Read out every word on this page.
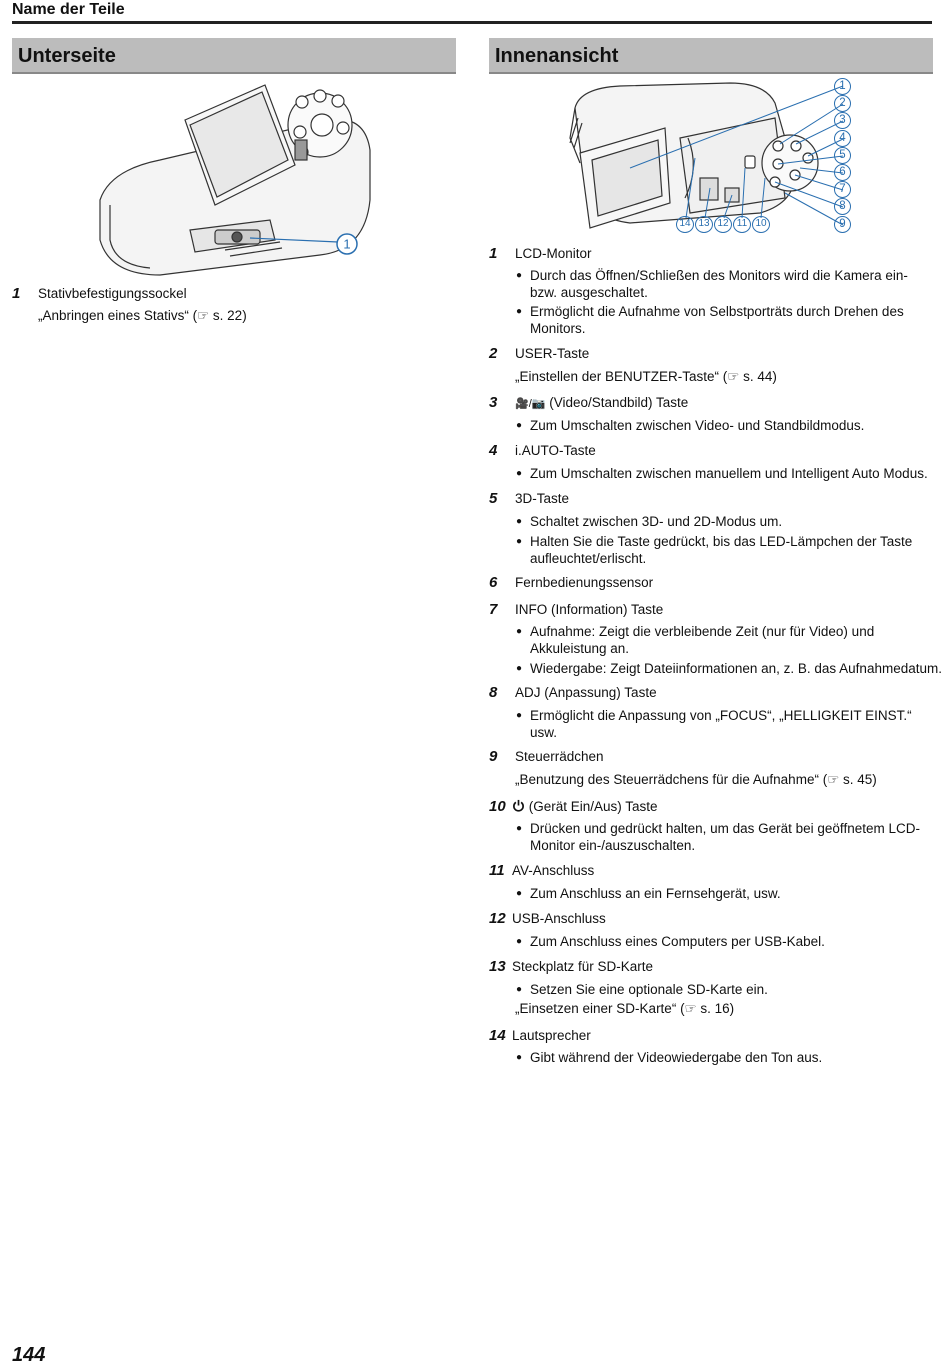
Name der Teile
Unterseite
1
1 Stativbefestigungssockel
„Anbringen eines Stativs“ (☞ s. 22)
Innenansicht
1
2
3
4
5
6
7
8
9
14 13 12 11 10
1 LCD-Monitor
● Durch das Öffnen/Schließen des Monitors wird die Kamera ein- bzw. ausgeschaltet.
● Ermöglicht die Aufnahme von Selbstporträts durch Drehen des Monitors.
2 USER-Taste
„Einstellen der BENUTZER-Taste“ (☞ s. 44)
3 🎥/📷 (Video/Standbild) Taste
● Zum Umschalten zwischen Video- und Standbildmodus.
4 i.AUTO-Taste
● Zum Umschalten zwischen manuellem und Intelligent Auto Modus.
5 3D-Taste
● Schaltet zwischen 3D- und 2D-Modus um.
● Halten Sie die Taste gedrückt, bis das LED-Lämpchen der Taste aufleuchtet/erlischt.
6 Fernbedienungssensor
7 INFO (Information) Taste
● Aufnahme: Zeigt die verbleibende Zeit (nur für Video) und Akkuleistung an.
● Wiedergabe: Zeigt Dateiinformationen an, z. B. das Aufnahmedatum.
8 ADJ (Anpassung) Taste
● Ermöglicht die Anpassung von „FOCUS“, „HELLIGKEIT EINST.“ usw.
9 Steuerrädchen
„Benutzung des Steuerrädchens für die Aufnahme“ (☞ s. 45)
10	(Gerät Ein/Aus) Taste
● Drücken und gedrückt halten, um das Gerät bei geöffnetem LCD-Monitor ein-/auszuschalten.
11 AV-Anschluss
● Zum Anschluss an ein Fernsehgerät, usw.
12 USB-Anschluss
● Zum Anschluss eines Computers per USB-Kabel.
13 Steckplatz für SD-Karte
● Setzen Sie eine optionale SD-Karte ein.
„Einsetzen einer SD-Karte“ (☞ s. 16)
14 Lautsprecher
● Gibt während der Videowiedergabe den Ton aus.
144
